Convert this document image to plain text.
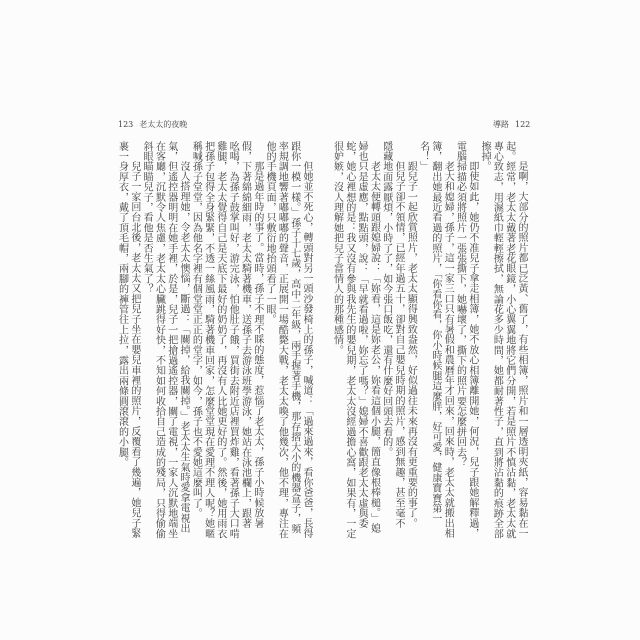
123 老太太的夜晚	導路 122
是啊，大部分的照片都已泛黃、舊了，有些相簿，照片和一層透明夾紙，容易黏在一
起。經常，老太太戴著老花眼鏡，小心翼翼地將它們分開，若是照片不慎沾黏，老太太就
專心致志，用濕紙巾輕輕擦拭，無論花多少時間，她都耐著性子，直到將沾黏的痕跡全部
擦掉。
即使如此，她仍不准兒子拿走相簿，她不放心相簿離開她，何況，兒子跟她解釋過，
電腦掃描必須將照片一張張撕下，她嚇壞了，撕下的照片要怎麼拼回去？
老大和媳婦，孫子，這一家三口只有暑假和農曆年才回來，回來時，老太太就搬出相
簿，翻出她最近看過的照片，「你看你看，你小時候腿這麼胖，好可愛，健康寶寶第一
名！」
跟兒子一起欣賞照片，老太太顯得興致盎然，好似過往未來再沒有更重要的事了。
但兒子卻不領情，已經年過五十，卻對自己嬰兒時期的照片，感到無趣，甚至毫不
隱藏地面露厭煩，小時了了，如今張口飯吃，還有什麼好回頭去看的。
老太太便轉頭跟媳婦說：「妳看，這是妳老公，妳看這個小腿，簡直像根棒槌。」媳
婦也只是虛應，點點頭，說：「早就看過啦，妳忘了嗎？」媳婦不喜歡跟老太太虛與委
蛇，她心裡想的是：我又沒有參與我先生的嬰兒期，老太太沒經過擔心窩，如果有，一定
很妒嫉，沒人理解她把兒子當情人的那種感情。
但她並不死心，轉頭對另一頭沙發椅上的孫子，喊道：「過來過來，看你爸爸，長得
跟你一模一樣。」孫子十七歲，高中二年級，兩手握著手機，那存摺大小的機器盒子，頻
率規調地響著嘟嘟嘟的聲音，正展開一場酷斃大戰，老太太喚了他幾次，他不理，專注在
他的手機頁面，只敷衍地抬頭看了一眼。
那是過年時的事了。當時，孫子不理不睬的態度，惹惱了老太太，孫子小時候放暑
假，下著綿綿細雨，老太太騎著機車，送孫子去游泳班學游泳，她站在泳池欄上，跟著
吆喝，為孫子鼓掌叫好，游完泳，怕他肚子餓，買街去附近店裡買炸雞，看著孫子大口啃
雞腿，老太太覺得自己是天底下最好的奶奶了，再沒有人比她更好的了。然後，她用雨衣
把孫子包得全身緊緊，不透一絲風雨，騎著機車回家，怎麼堂堂現在愛理不理人呢？她暱
稱喊孫子堂堂，因為他名字裡有個堂堂正正的堂字，如今，孫子也不愛她這麼叫了。
沒人搭理她，令老太太懊惱，斷過：「關掉，給我關掉。」老太太生氣時愛拿電視出
氣，但遙控器明明在她手裡，於是，兒子一把搶過遙控器，關了電視，一家人沉默地端坐
在客廳，沉默令人焦慮，老太太心臟跳得好快，不知如何收拾自己造成的殘局，只得偷偷
斜眼瞄瞄兒子，看他是否生氣了？
兒子一家回台北後，老太太又把兒子坐在嬰兒車裡的照片，反覆看了幾遍，她兒子緊
裹一身厚衣，戴了頂毛帽，兩腳的褲管往上拉，露出兩條圓滾滾的小腿。
